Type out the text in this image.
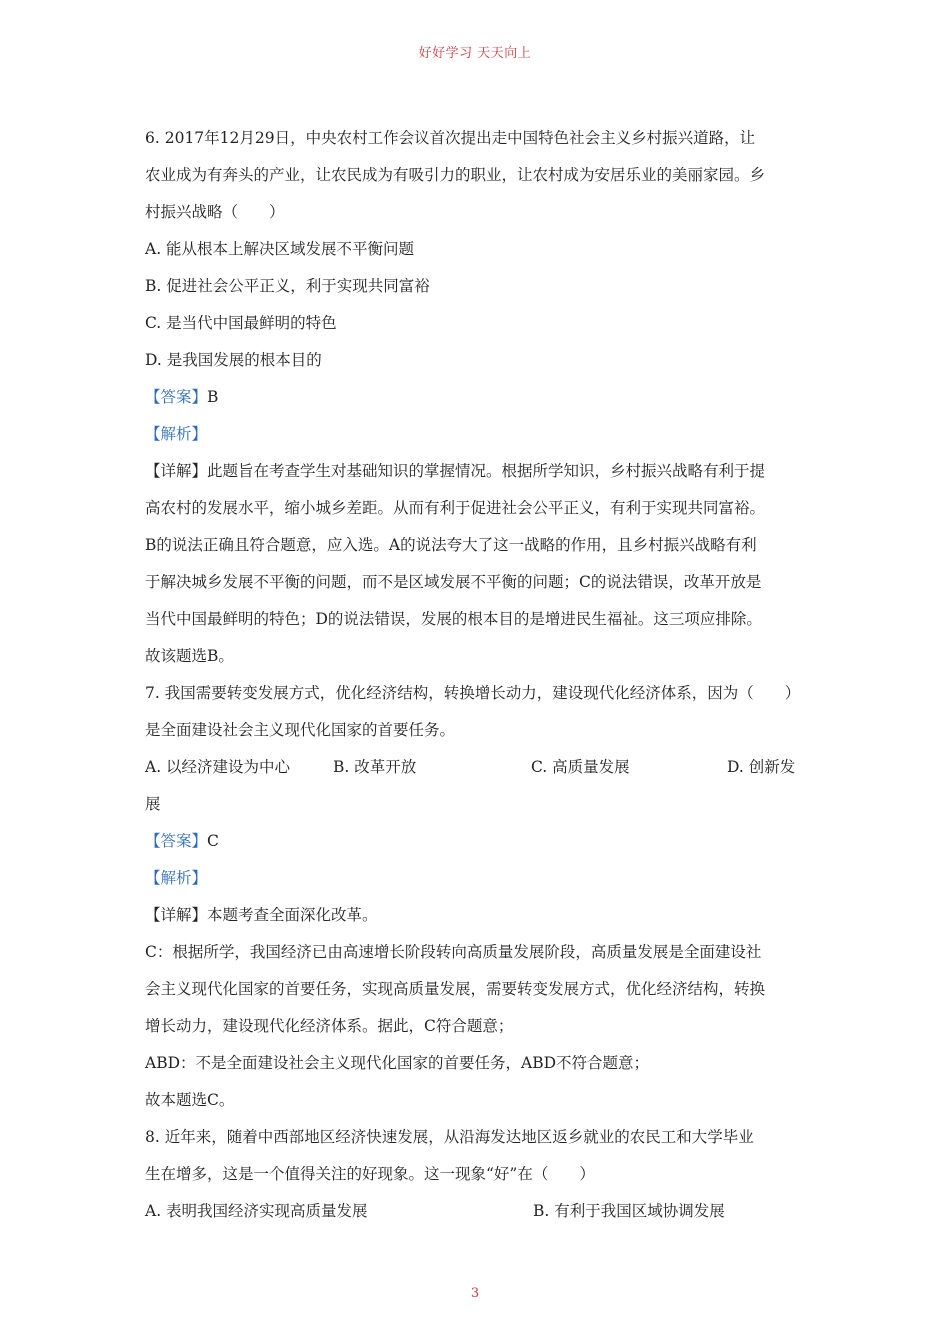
好好学习 天天向上
6. 2017年12月29日，中央农村工作会议首次提出走中国特色社会主义乡村振兴道路，让
农业成为有奔头的产业，让农民成为有吸引力的职业，让农村成为安居乐业的美丽家园。乡
村振兴战略（　　）
A. 能从根本上解决区域发展不平衡问题
B. 促进社会公平正义，利于实现共同富裕
C. 是当代中国最鲜明的特色
D. 是我国发展的根本目的
【答案】B
【解析】
【详解】此题旨在考查学生对基础知识的掌握情况。根据所学知识，乡村振兴战略有利于提
高农村的发展水平，缩小城乡差距。从而有利于促进社会公平正义，有利于实现共同富裕。
B的说法正确且符合题意，应入选。A的说法夸大了这一战略的作用，且乡村振兴战略有利
于解决城乡发展不平衡的问题，而不是区域发展不平衡的问题；C的说法错误，改革开放是
当代中国最鲜明的特色；D的说法错误，发展的根本目的是增进民生福祉。这三项应排除。
故该题选B。
7. 我国需要转变发展方式，优化经济结构，转换增长动力，建设现代化经济体系，因为（　　）
是全面建设社会主义现代化国家的首要任务。
A. 以经济建设为中心	B. 改革开放	C. 高质量发展	D. 创新发
展
【答案】C
【解析】
【详解】本题考查全面深化改革。
C：根据所学，我国经济已由高速增长阶段转向高质量发展阶段，高质量发展是全面建设社
会主义现代化国家的首要任务，实现高质量发展，需要转变发展方式，优化经济结构，转换
增长动力，建设现代化经济体系。据此，C符合题意；
ABD：不是全面建设社会主义现代化国家的首要任务，ABD不符合题意；
故本题选C。
8. 近年来，随着中西部地区经济快速发展，从沿海发达地区返乡就业的农民工和大学毕业
生在增多，这是一个值得关注的好现象。这一现象“好”在（　　）
A. 表明我国经济实现高质量发展	B. 有利于我国区域协调发展
3
